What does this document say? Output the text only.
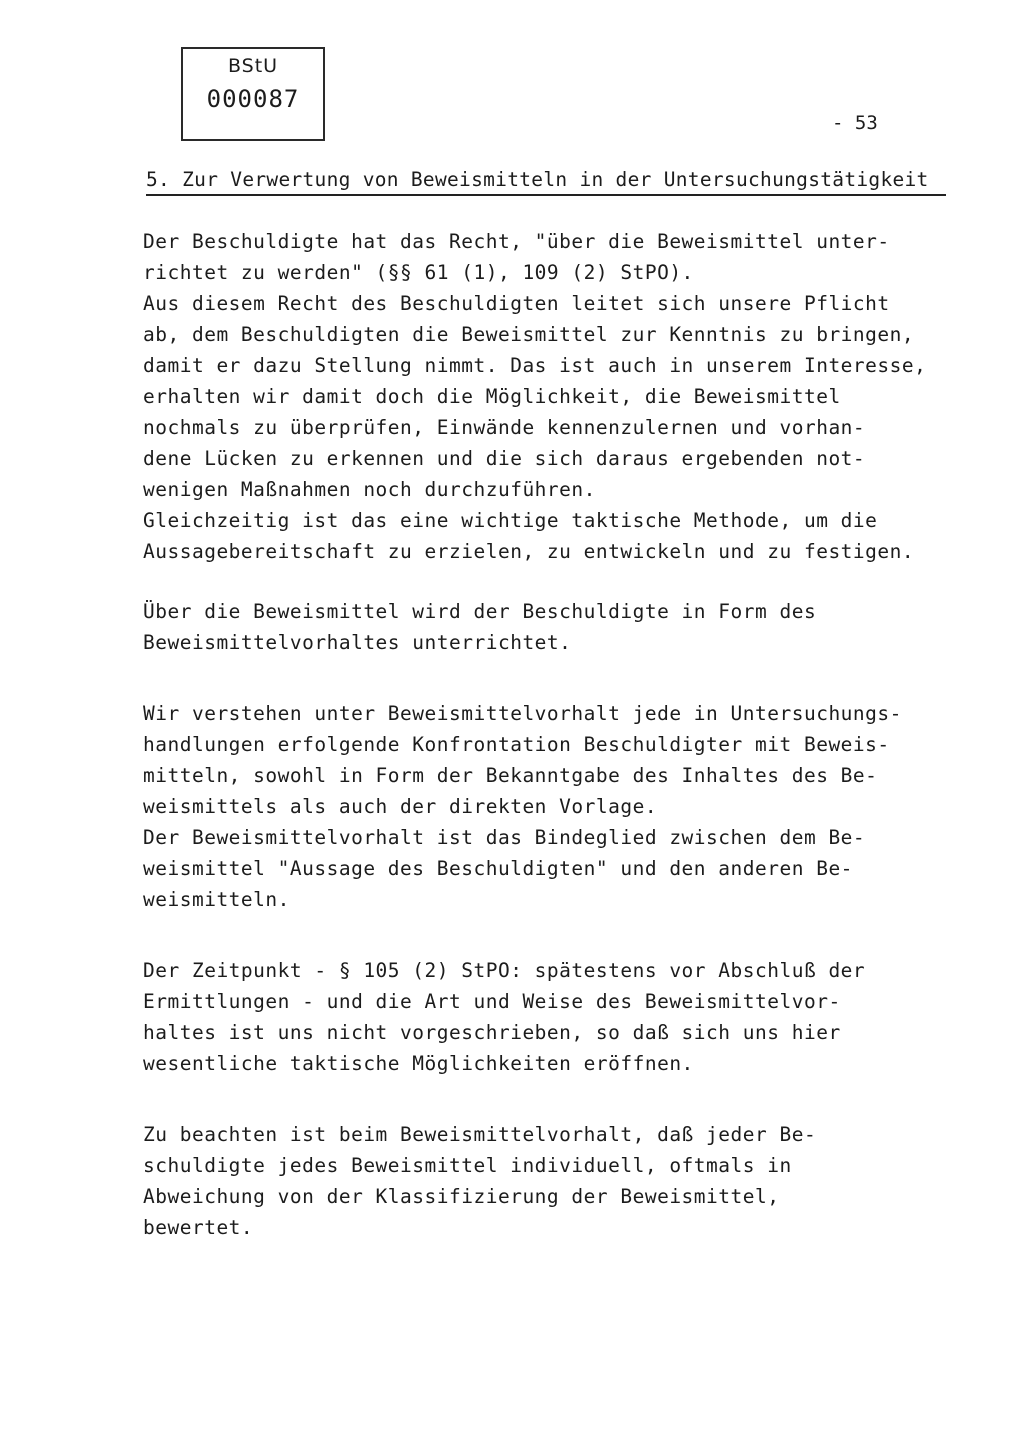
BStU
000087
- 53
5. Zur Verwertung von Beweismitteln in der Untersuchungstätigkeit

Der Beschuldigte hat das Recht, "über die Beweismittel unter-
richtet zu werden" (§§ 61 (1), 109 (2) StPO).
Aus diesem Recht des Beschuldigten leitet sich unsere Pflicht
ab, dem Beschuldigten die Beweismittel zur Kenntnis zu bringen,
damit er dazu Stellung nimmt. Das ist auch in unserem Interesse,
erhalten wir damit doch die Möglichkeit, die Beweismittel
nochmals zu überprüfen, Einwände kennenzulernen und vorhan-
dene Lücken zu erkennen und die sich daraus ergebenden not-
wenigen Maßnahmen noch durchzuführen.
Gleichzeitig ist das eine wichtige taktische Methode, um die
Aussagebereitschaft zu erzielen, zu entwickeln und zu festigen.

Über die Beweismittel wird der Beschuldigte in Form des
Beweismittelvorhaltes unterrichtet.

Wir verstehen unter Beweismittelvorhalt jede in Untersuchungs-
handlungen erfolgende Konfrontation Beschuldigter mit Beweis-
mitteln, sowohl in Form der Bekanntgabe des Inhaltes des Be-
weismittels als auch der direkten Vorlage.
Der Beweismittelvorhalt ist das Bindeglied zwischen dem Be-
weismittel "Aussage des Beschuldigten" und den anderen Be-
weismitteln.

Der Zeitpunkt - § 105 (2) StPO: spätestens vor Abschluß der
Ermittlungen - und die Art und Weise des Beweismittelvor-
haltes ist uns nicht vorgeschrieben, so daß sich uns hier
wesentliche taktische Möglichkeiten eröffnen.

Zu beachten ist beim Beweismittelvorhalt, daß jeder Be-
schuldigte jedes Beweismittel individuell, oftmals in
Abweichung von der Klassifizierung der Beweismittel,
bewertet.
